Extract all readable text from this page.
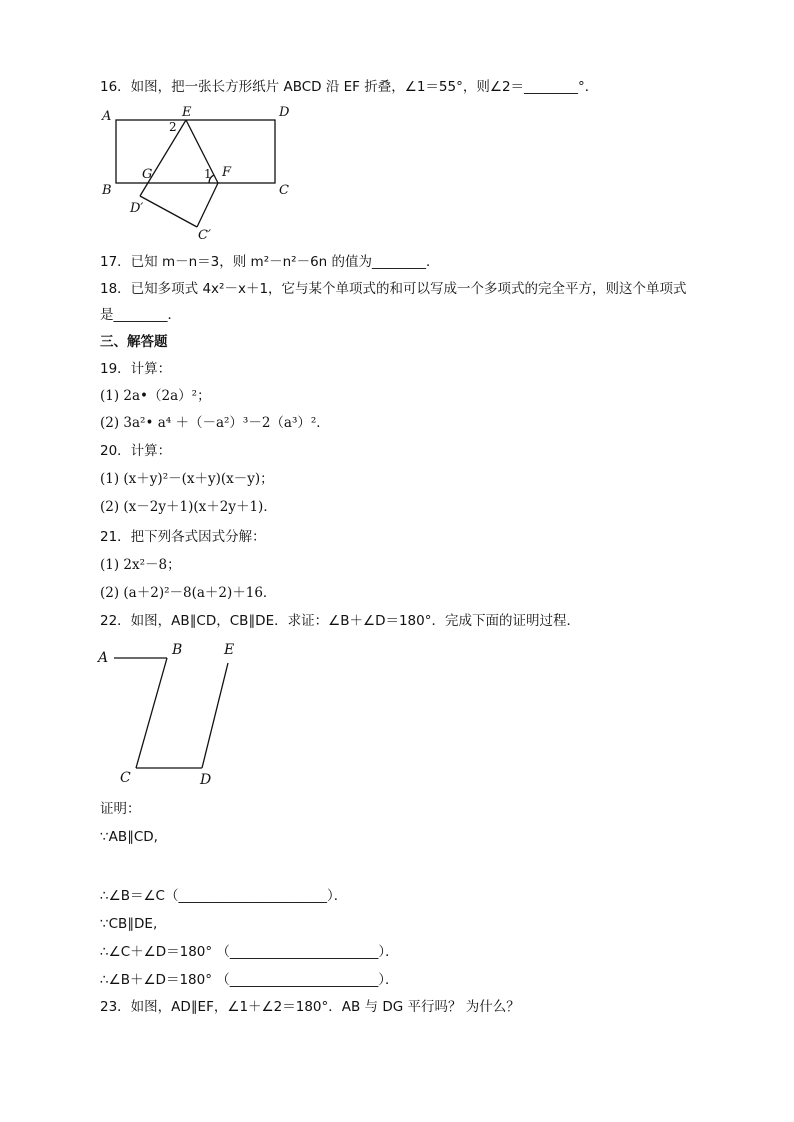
16．如图，把一张长方形纸片 ABCD 沿 EF 折叠，∠1＝55°，则∠2＝________°．
A
B	C
D
E
F
G
D′
C′
1
2
17．已知 m－n＝3，则 m²－n²－6n 的值为________．
18．已知多项式 4x²－x＋1，它与某个单项式的和可以写成一个多项式的完全平方，则这个单项式
是________．
三、解答题
19．计算：
(1) 2a•（2a）²；
(2) 3a²• a⁴ ＋（－a²）³－2（a³）²．
20．计算：
(1) (x＋y)²－(x＋y)(x－y)；
(2) (x－2y＋1)(x＋2y＋1)．
21．把下列各式因式分解：
(1) 2x²－8；
(2) (a＋2)²－8(a＋2)＋16．
22．如图，AB∥CD，CB∥DE．求证：∠B＋∠D＝180°．完成下面的证明过程．
A	B
C	D
E
证明：
∵AB∥CD,
∴∠B＝∠C（______________________）．
∵CB∥DE,
∴∠C＋∠D＝180° （______________________）．
∴∠B＋∠D＝180° （______________________）．
23．如图，AD∥EF，∠1＋∠2＝180°．AB 与 DG 平行吗？ 为什么？
